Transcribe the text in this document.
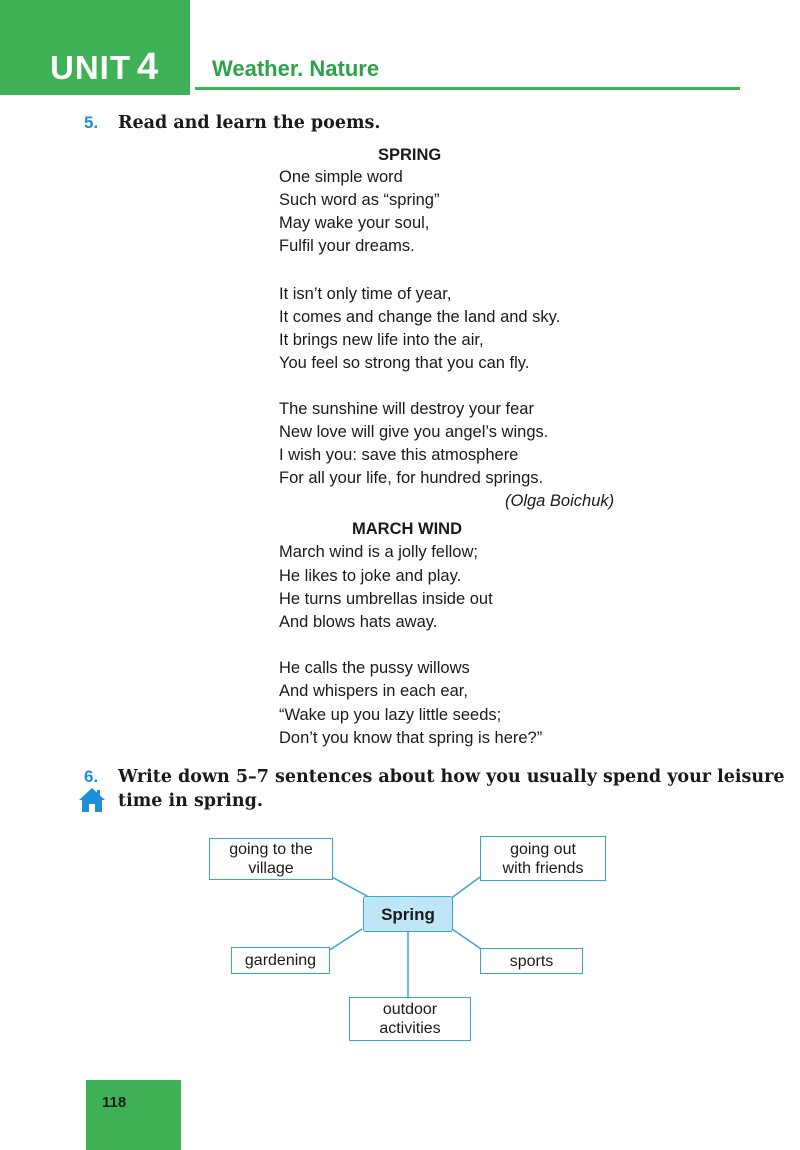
UNIT 4 Weather. Nature
5. Read and learn the poems.
SPRING
One simple word
Such word as “spring”
May wake your soul,
Fulfil your dreams.
It isn’t only time of year,
It comes and change the land and sky.
It brings new life into the air,
You feel so strong that you can fly.
The sunshine will destroy your fear
New love will give you angel’s wings.
I wish you: save this atmosphere
For all your life, for hundred springs.
(Olga Boichuk)
MARCH WIND
March wind is a jolly fellow;
He likes to joke and play.
He turns umbrellas inside out
And blows hats away.
He calls the pussy willows
And whispers in each ear,
“Wake up you lazy little seeds;
Don’t you know that spring is here?”
6. Write down 5–7 sentences about how you usually spend your leisure
time in spring.
going to the
village
going out
with friends
Spring
gardening	sports
outdoor
activities
118
